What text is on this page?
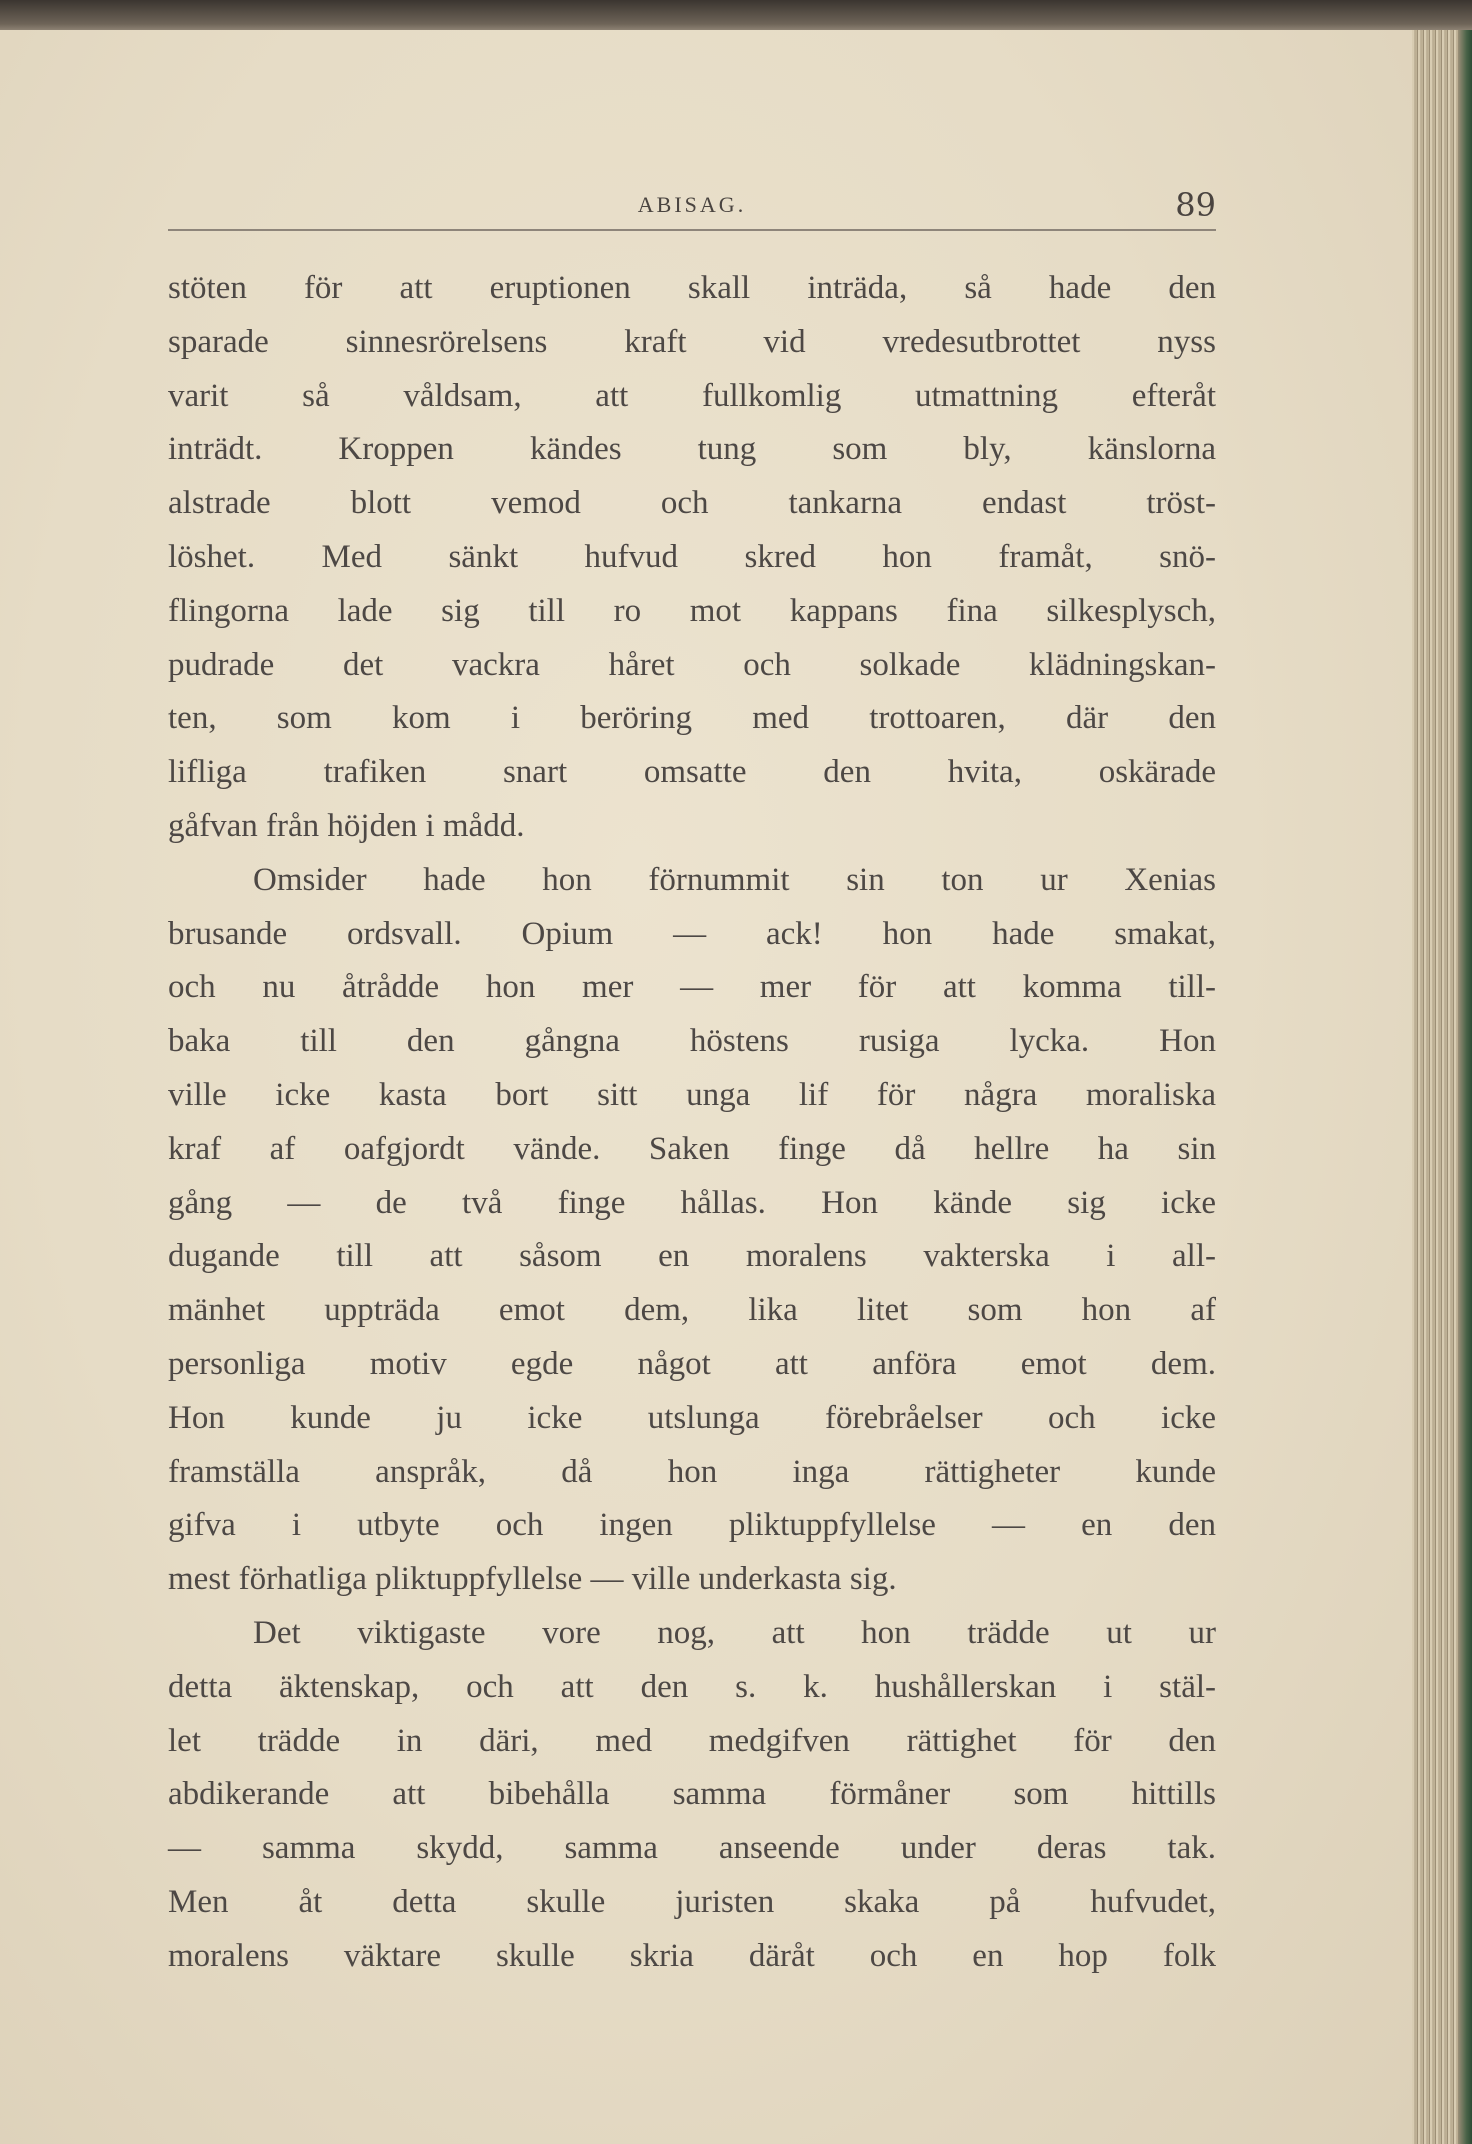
ABISAG.	89
stöten för att eruptionen skall inträda, så hade den
sparade sinnesrörelsens kraft vid vredesutbrottet nyss
varit så våldsam, att fullkomlig utmattning efteråt
inträdt. Kroppen kändes tung som bly, känslorna
alstrade blott vemod och tankarna endast tröst-
löshet. Med sänkt hufvud skred hon framåt, snö-
flingorna lade sig till ro mot kappans fina silkesplysch,
pudrade det vackra håret och solkade klädningskan-
ten, som kom i beröring med trottoaren, där den
lifliga trafiken snart omsatte den hvita, oskärade
gåfvan från höjden i mådd.
Omsider hade hon förnummit sin ton ur Xenias
brusande ordsvall. Opium — ack! hon hade smakat,
och nu åtrådde hon mer — mer för att komma till-
baka till den gångna höstens rusiga lycka. Hon
ville icke kasta bort sitt unga lif för några moraliska
kraf af oafgjordt vände. Saken finge då hellre ha sin
gång — de två finge hållas. Hon kände sig icke
dugande till att såsom en moralens vakterska i all-
mänhet uppträda emot dem, lika litet som hon af
personliga motiv egde något att anföra emot dem.
Hon kunde ju icke utslunga förebråelser och icke
framställa anspråk, då hon inga rättigheter kunde
gifva i utbyte och ingen pliktuppfyllelse — en den
mest förhatliga pliktuppfyllelse — ville underkasta sig.
Det viktigaste vore nog, att hon trädde ut ur
detta äktenskap, och att den s. k. hushållerskan i stäl-
let trädde in däri, med medgifven rättighet för den
abdikerande att bibehålla samma förmåner som hittills
— samma skydd, samma anseende under deras tak.
Men åt detta skulle juristen skaka på hufvudet,
moralens väktare skulle skria däråt och en hop folk
